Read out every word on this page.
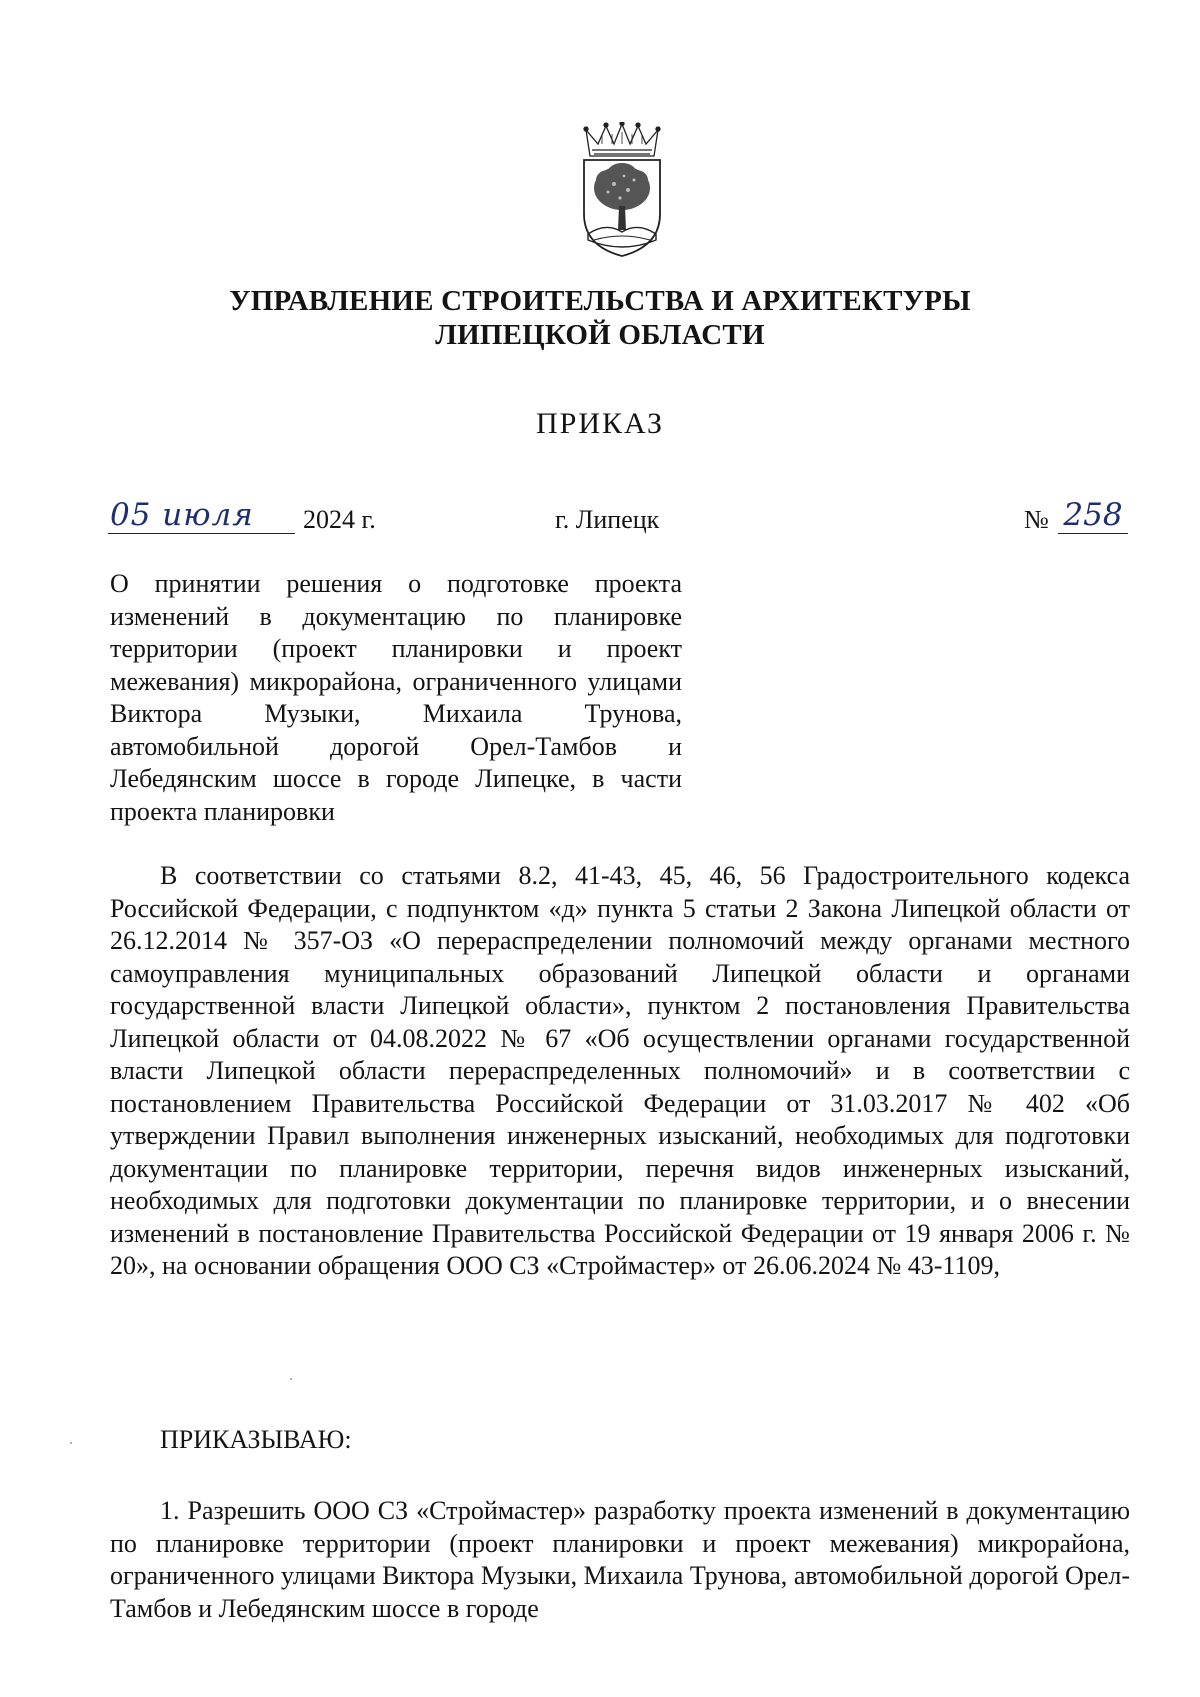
УПРАВЛЕНИЕ СТРОИТЕЛЬСТВА И АРХИТЕКТУРЫ
ЛИПЕЦКОЙ ОБЛАСТИ
ПРИКАЗ
05 июля	2024 г.	г. Липецк	№ 258
О принятии решения о подготовке проекта изменений в документацию по планировке территории (проект планировки и проект межевания) микрорайона, ограниченного улицами Виктора Музыки, Михаила Трунова, автомобильной дорогой Орел-Тамбов и Лебедянским шоссе в городе Липецке, в части проекта планировки
В соответствии со статьями 8.2, 41-43, 45, 46, 56 Градостроительного кодекса Российской Федерации, с подпунктом «д» пункта 5 статьи 2 Закона Липецкой области от 26.12.2014 № 357-ОЗ «О перераспределении полномочий между органами местного самоуправления муниципальных образований Липецкой области и органами государственной власти Липецкой области», пунктом 2 постановления Правительства Липецкой области от 04.08.2022 № 67 «Об осуществлении органами государственной власти Липецкой области перераспределенных полномочий» и в соответствии с постановлением Правительства Российской Федерации от 31.03.2017 № 402 «Об утверждении Правил выполнения инженерных изысканий, необходимых для подготовки документации по планировке территории, перечня видов инженерных изысканий, необходимых для подготовки документации по планировке территории, и о внесении изменений в постановление Правительства Российской Федерации от 19 января 2006 г. № 20», на основании обращения ООО СЗ «Строймастер» от 26.06.2024 № 43-1109,
ПРИКАЗЫВАЮ:
1. Разрешить ООО СЗ «Строймастер» разработку проекта изменений в документацию по планировке территории (проект планировки и проект межевания) микрорайона, ограниченного улицами Виктора Музыки, Михаила Трунова, автомобильной дорогой Орел-Тамбов и Лебедянским шоссе в городе
